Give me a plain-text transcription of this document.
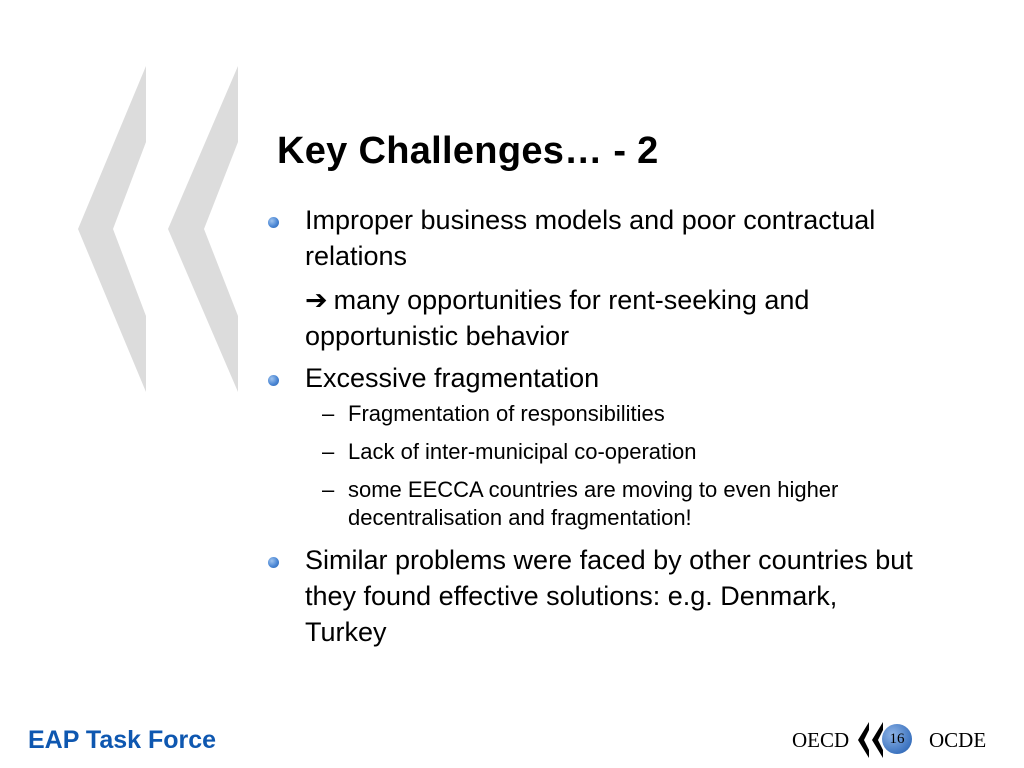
Key Challenges… - 2
Improper business models and poor contractual relations
➔ many opportunities for rent-seeking and opportunistic behavior
Excessive fragmentation
– Fragmentation of responsibilities
– Lack of inter-municipal co-operation
– some EECCA countries are moving to even higher decentralisation and fragmentation!
Similar problems were faced by other countries but they found effective solutions: e.g. Denmark, Turkey
EAP Task Force	OECD	16	OCDE
